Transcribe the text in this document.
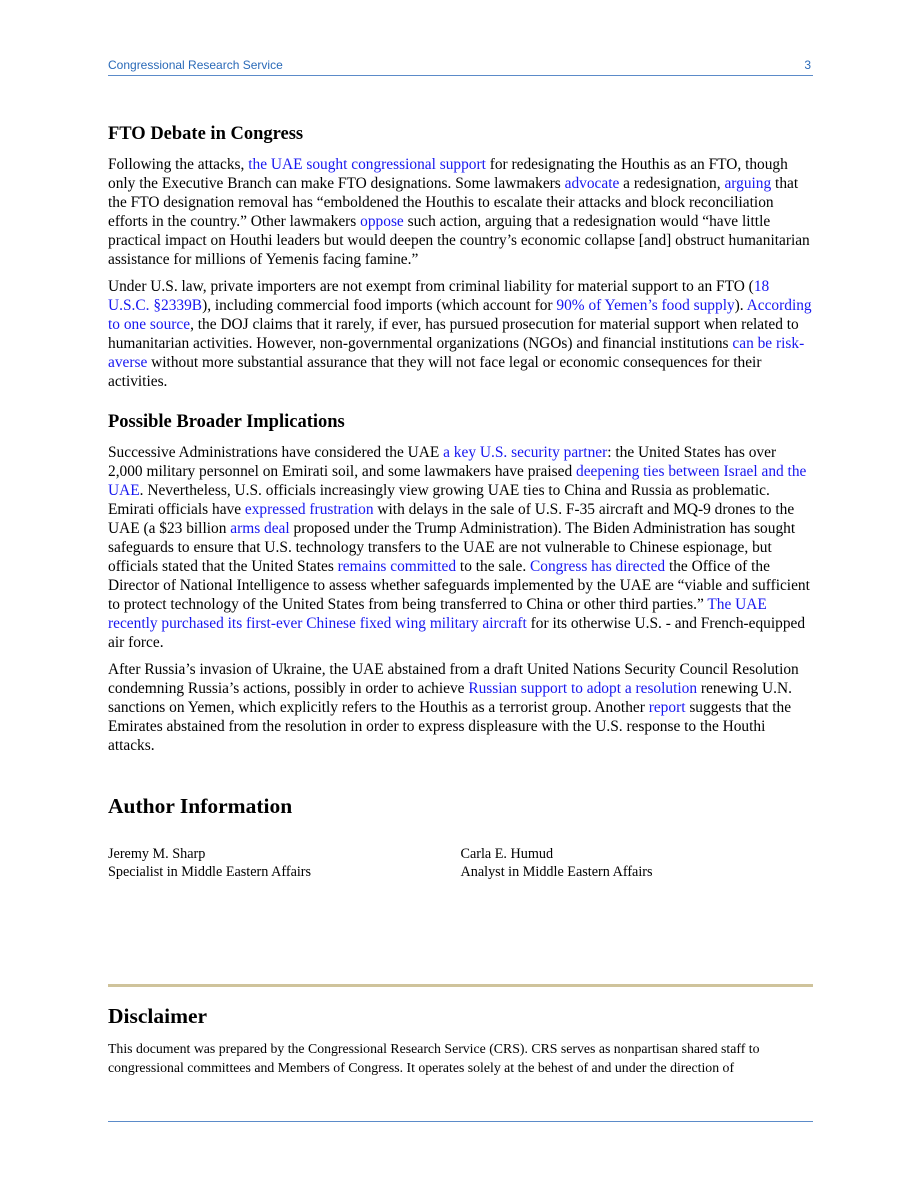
Congressional Research Service	3
FTO Debate in Congress

Following the attacks, the UAE sought congressional support for redesignating the Houthis as an FTO, though only the Executive Branch can make FTO designations. Some lawmakers advocate a redesignation, arguing that the FTO designation removal has “emboldened the Houthis to escalate their attacks and block reconciliation efforts in the country.” Other lawmakers oppose such action, arguing that a redesignation would “have little practical impact on Houthi leaders but would deepen the country’s economic collapse [and] obstruct humanitarian assistance for millions of Yemenis facing famine.”

Under U.S. law, private importers are not exempt from criminal liability for material support to an FTO (18 U.S.C. §2339B), including commercial food imports (which account for 90% of Yemen’s food supply). According to one source, the DOJ claims that it rarely, if ever, has pursued prosecution for material support when related to humanitarian activities. However, non-governmental organizations (NGOs) and financial institutions can be risk-averse without more substantial assurance that they will not face legal or economic consequences for their activities.

Possible Broader Implications

Successive Administrations have considered the UAE a key U.S. security partner: the United States has over 2,000 military personnel on Emirati soil, and some lawmakers have praised deepening ties between Israel and the UAE. Nevertheless, U.S. officials increasingly view growing UAE ties to China and Russia as problematic. Emirati officials have expressed frustration with delays in the sale of U.S. F-35 aircraft and MQ-9 drones to the UAE (a $23 billion arms deal proposed under the Trump Administration). The Biden Administration has sought safeguards to ensure that U.S. technology transfers to the UAE are not vulnerable to Chinese espionage, but officials stated that the United States remains committed to the sale. Congress has directed the Office of the Director of National Intelligence to assess whether safeguards implemented by the UAE are “viable and sufficient to protect technology of the United States from being transferred to China or other third parties.” The UAE recently purchased its first-ever Chinese fixed wing military aircraft for its otherwise U.S. - and French-equipped air force.

After Russia’s invasion of Ukraine, the UAE abstained from a draft United Nations Security Council Resolution condemning Russia’s actions, possibly in order to achieve Russian support to adopt a resolution renewing U.N. sanctions on Yemen, which explicitly refers to the Houthis as a terrorist group. Another report suggests that the Emirates abstained from the resolution in order to express displeasure with the U.S. response to the Houthi attacks.

Author Information
Jeremy M. Sharp
Specialist in Middle Eastern Affairs
Carla E. Humud
Analyst in Middle Eastern Affairs
Disclaimer

This document was prepared by the Congressional Research Service (CRS). CRS serves as nonpartisan shared staff to congressional committees and Members of Congress. It operates solely at the behest of and under the direction of
